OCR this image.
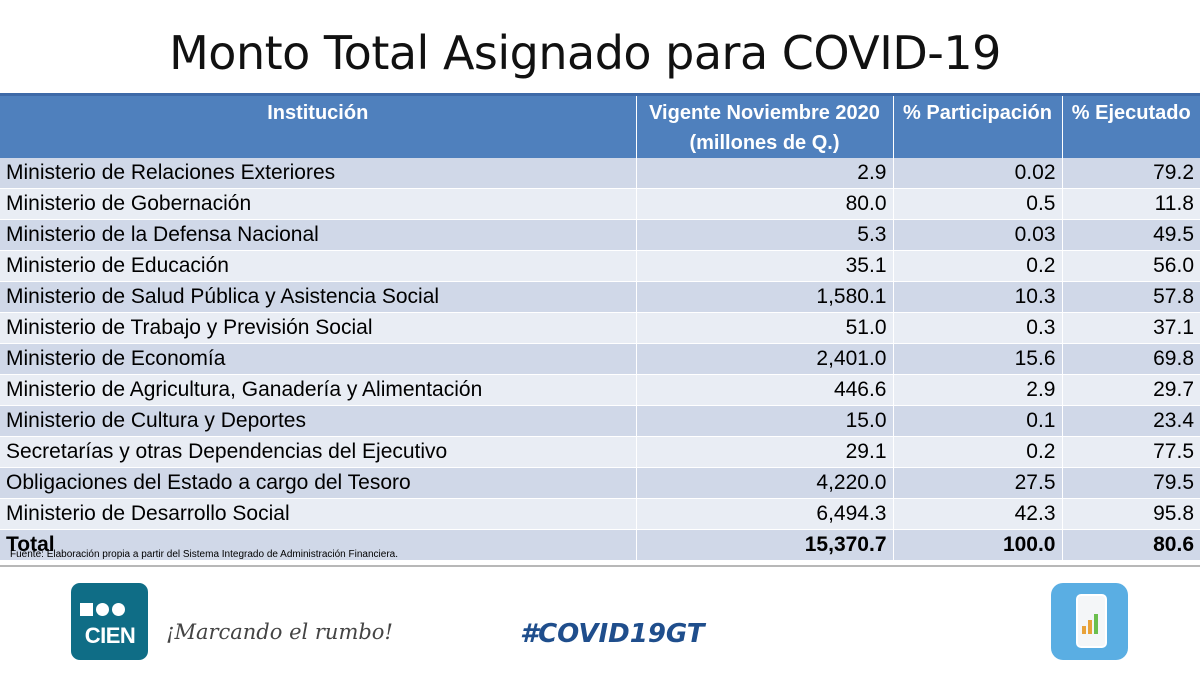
Monto Total Asignado para COVID-19
Institución	Vigente Noviembre 2020 (millones de Q.)	% Participación	% Ejecutado
Ministerio de Relaciones Exteriores	2.9	0.02	79.2
Ministerio de Gobernación	80.0	0.5	11.8
Ministerio de la Defensa Nacional	5.3	0.03	49.5
Ministerio de Educación	35.1	0.2	56.0
Ministerio de Salud Pública y Asistencia Social	1,580.1	10.3	57.8
Ministerio de Trabajo y Previsión Social	51.0	0.3	37.1
Ministerio de Economía	2,401.0	15.6	69.8
Ministerio de Agricultura, Ganadería y Alimentación	446.6	2.9	29.7
Ministerio de Cultura y Deportes	15.0	0.1	23.4
Secretarías y otras Dependencias del Ejecutivo	29.1	0.2	77.5
Obligaciones del Estado a cargo del Tesoro	4,220.0	27.5	79.5
Ministerio de Desarrollo Social	6,494.3	42.3	95.8
Total	15,370.7	100.0	80.6
Fuente: Elaboración propia a partir del Sistema Integrado de Administración Financiera.
CIEN	¡Marcando el rumbo!	#COVID19GT
